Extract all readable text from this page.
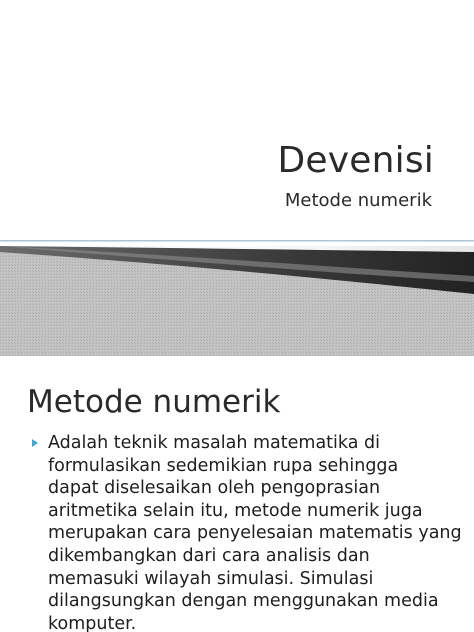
Devenisi
Metode numerik
Metode numerik
Adalah teknik masalah matematika di
formulasikan sedemikian rupa sehingga
dapat diselesaikan oleh pengoprasian
aritmetika selain itu, metode numerik juga
merupakan cara penyelesaian matematis yang
dikembangkan dari cara analisis dan
memasuki wilayah simulasi. Simulasi
dilangsungkan dengan menggunakan media
komputer.
